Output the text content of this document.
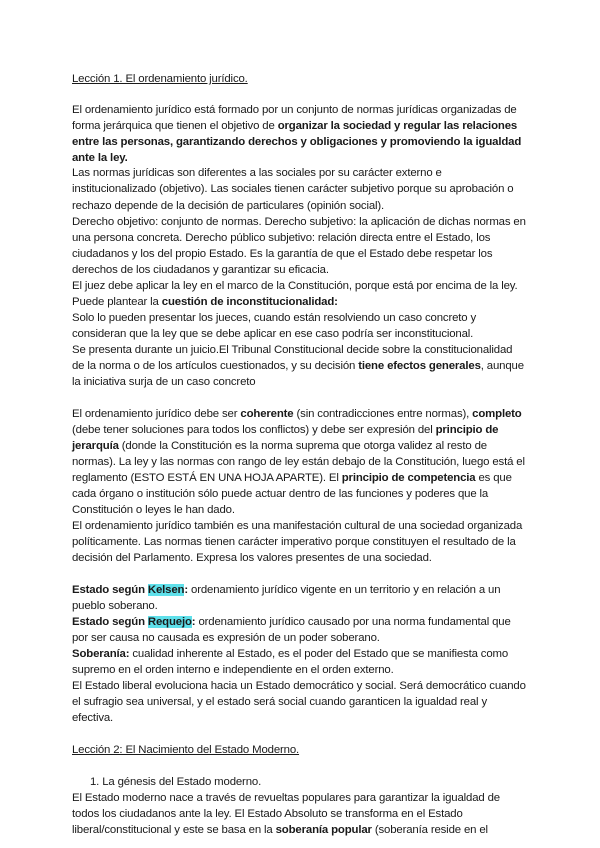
Lección 1. El ordenamiento jurídico.
El ordenamiento jurídico está formado por un conjunto de normas jurídicas organizadas de
forma jerárquica que tienen el objetivo de organizar la sociedad y regular las relaciones
entre las personas, garantizando derechos y obligaciones y promoviendo la igualdad
ante la ley.
Las normas jurídicas son diferentes a las sociales por su carácter externo e
institucionalizado (objetivo). Las sociales tienen carácter subjetivo porque su aprobación o
rechazo depende de la decisión de particulares (opinión social).
Derecho objetivo: conjunto de normas. Derecho subjetivo: la aplicación de dichas normas en
una persona concreta. Derecho público subjetivo: relación directa entre el Estado, los
ciudadanos y los del propio Estado. Es la garantía de que el Estado debe respetar los
derechos de los ciudadanos y garantizar su eficacia.
El juez debe aplicar la ley en el marco de la Constitución, porque está por encima de la ley.
Puede plantear la cuestión de inconstitucionalidad:
Solo lo pueden presentar los jueces, cuando están resolviendo un caso concreto y
consideran que la ley que se debe aplicar en ese caso podría ser inconstitucional.
Se presenta durante un juicio.El Tribunal Constitucional decide sobre la constitucionalidad
de la norma o de los artículos cuestionados, y su decisión tiene efectos generales, aunque
la iniciativa surja de un caso concreto
El ordenamiento jurídico debe ser coherente (sin contradicciones entre normas), completo
(debe tener soluciones para todos los conflictos) y debe ser expresión del principio de
jerarquía (donde la Constitución es la norma suprema que otorga validez al resto de
normas). La ley y las normas con rango de ley están debajo de la Constitución, luego está el
reglamento (ESTO ESTÁ EN UNA HOJA APARTE). El principio de competencia es que
cada órgano o institución sólo puede actuar dentro de las funciones y poderes que la
Constitución o leyes le han dado.
El ordenamiento jurídico también es una manifestación cultural de una sociedad organizada
políticamente. Las normas tienen carácter imperativo porque constituyen el resultado de la
decisión del Parlamento. Expresa los valores presentes de una sociedad.
Estado según Kelsen: ordenamiento jurídico vigente en un territorio y en relación a un
pueblo soberano.
Estado según Requejo: ordenamiento jurídico causado por una norma fundamental que
por ser causa no causada es expresión de un poder soberano.
Soberanía: cualidad inherente al Estado, es el poder del Estado que se manifiesta como
supremo en el orden interno e independiente en el orden externo.
El Estado liberal evoluciona hacia un Estado democrático y social. Será democrático cuando
el sufragio sea universal, y el estado será social cuando garanticen la igualdad real y
efectiva.
Lección 2: El Nacimiento del Estado Moderno.
1. La génesis del Estado moderno.
El Estado moderno nace a través de revueltas populares para garantizar la igualdad de
todos los ciudadanos ante la ley. El Estado Absoluto se transforma en el Estado
liberal/constitucional y este se basa en la soberanía popular (soberanía reside en el
